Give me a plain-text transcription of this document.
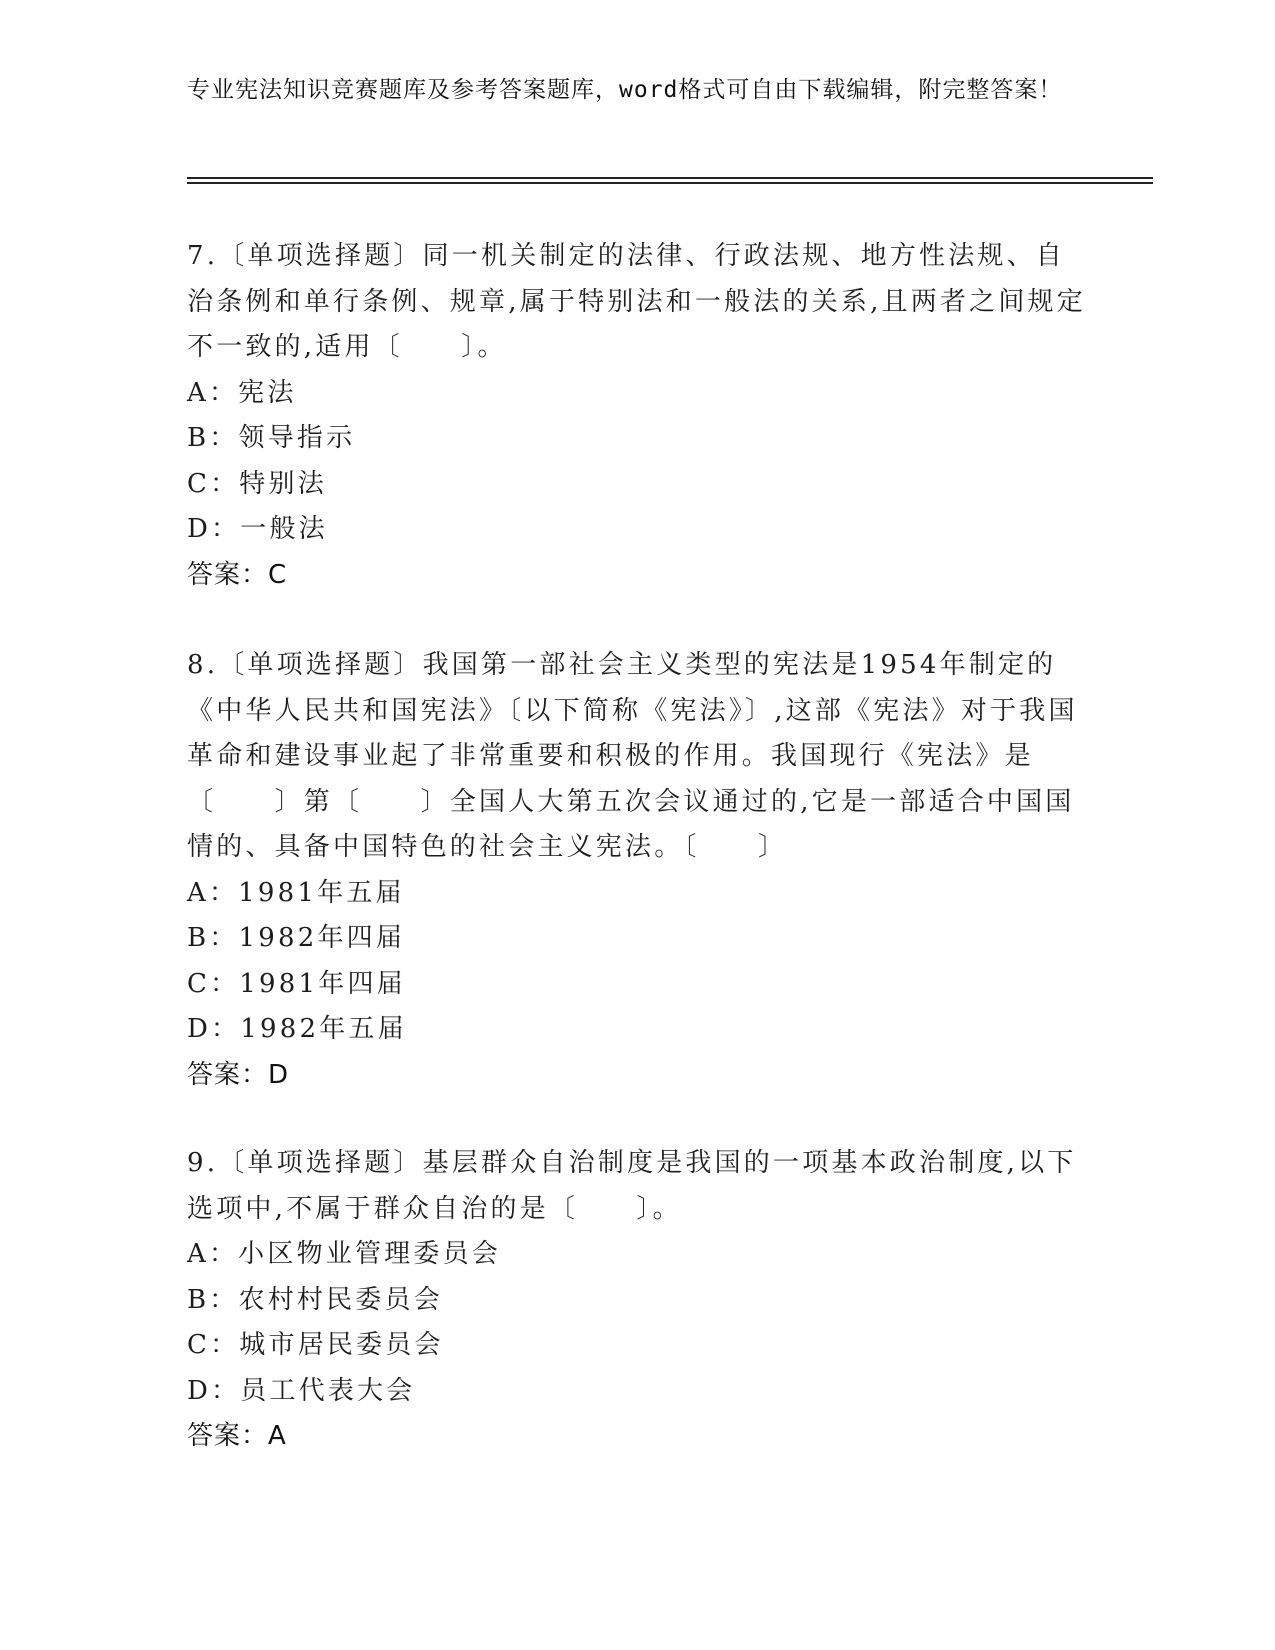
专业宪法知识竞赛题库及参考答案题库，word格式可自由下载编辑，附完整答案！

7.〔单项选择题〕同一机关制定的法律、行政法规、地方性法规、自治条例和单行条例、规章,属于特别法和一般法的关系,且两者之间规定不一致的,适用〔　　〕。

A：宪法

B：领导指示

C：特别法

D：一般法

答案：C

8.〔单项选择题〕我国第一部社会主义类型的宪法是1954年制定的《中华人民共和国宪法》〔以下简称《宪法》〕,这部《宪法》对于我国革命和建设事业起了非常重要和积极的作用。我国现行《宪法》是〔　　〕第〔　　〕全国人大第五次会议通过的,它是一部适合中国国情的、具备中国特色的社会主义宪法。〔　　〕

A：1981年五届

B：1982年四届

C：1981年四届

D：1982年五届

答案：D

9.〔单项选择题〕基层群众自治制度是我国的一项基本政治制度,以下选项中,不属于群众自治的是〔　　〕。

A：小区物业管理委员会

B：农村村民委员会

C：城市居民委员会

D：员工代表大会

答案：A
